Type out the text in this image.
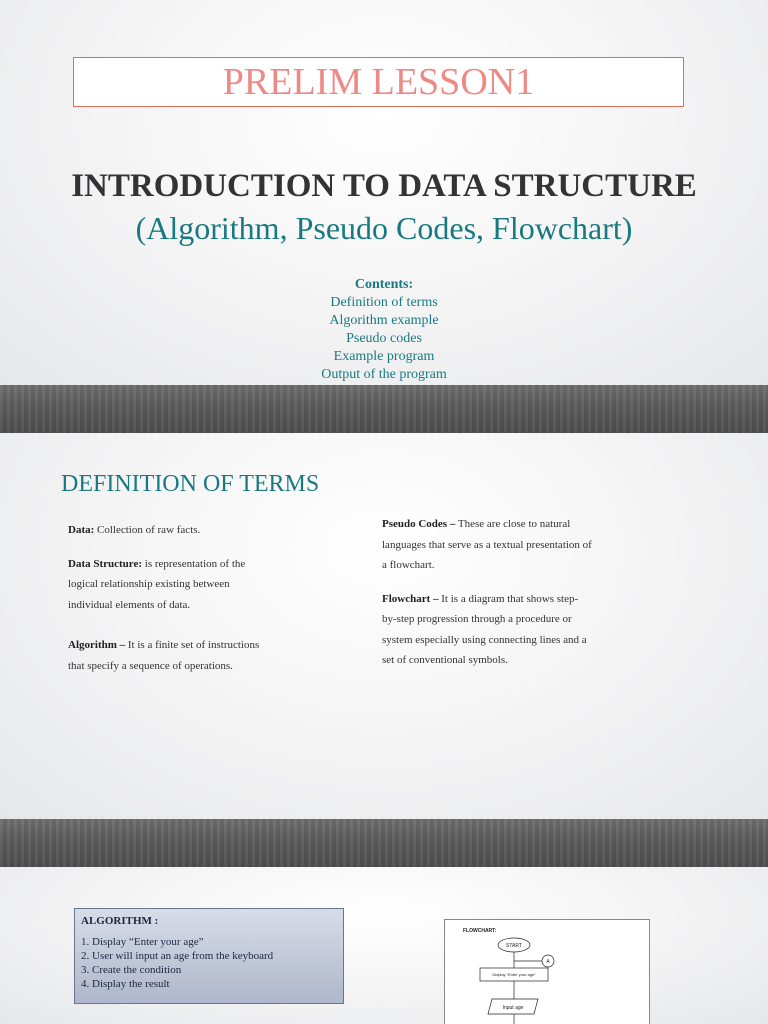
PRELIM LESSON1
INTRODUCTION TO DATA STRUCTURE
(Algorithm, Pseudo Codes, Flowchart)
Contents:
Definition of terms
Algorithm example
Pseudo codes
Example program
Output of the program
DEFINITION OF TERMS

Data: Collection of raw facts.

Data Structure: is representation of the logical relationship existing between individual elements of data.

Algorithm – It is a finite set of instructions that specify a sequence of operations.

Pseudo Codes – These are close to natural languages that serve as a textual presentation of a flowchart.

Flowchart – It is a diagram that shows step-by-step progression through a procedure or system especially using connecting lines and a set of conventional symbols.

ALGORITHM :
1. Display “Enter your age”
2. User will input an age from the keyboard
3. Create the condition
4. Display the result
FLOWCHART:
START
A
Display “Enter your age”
Input age
